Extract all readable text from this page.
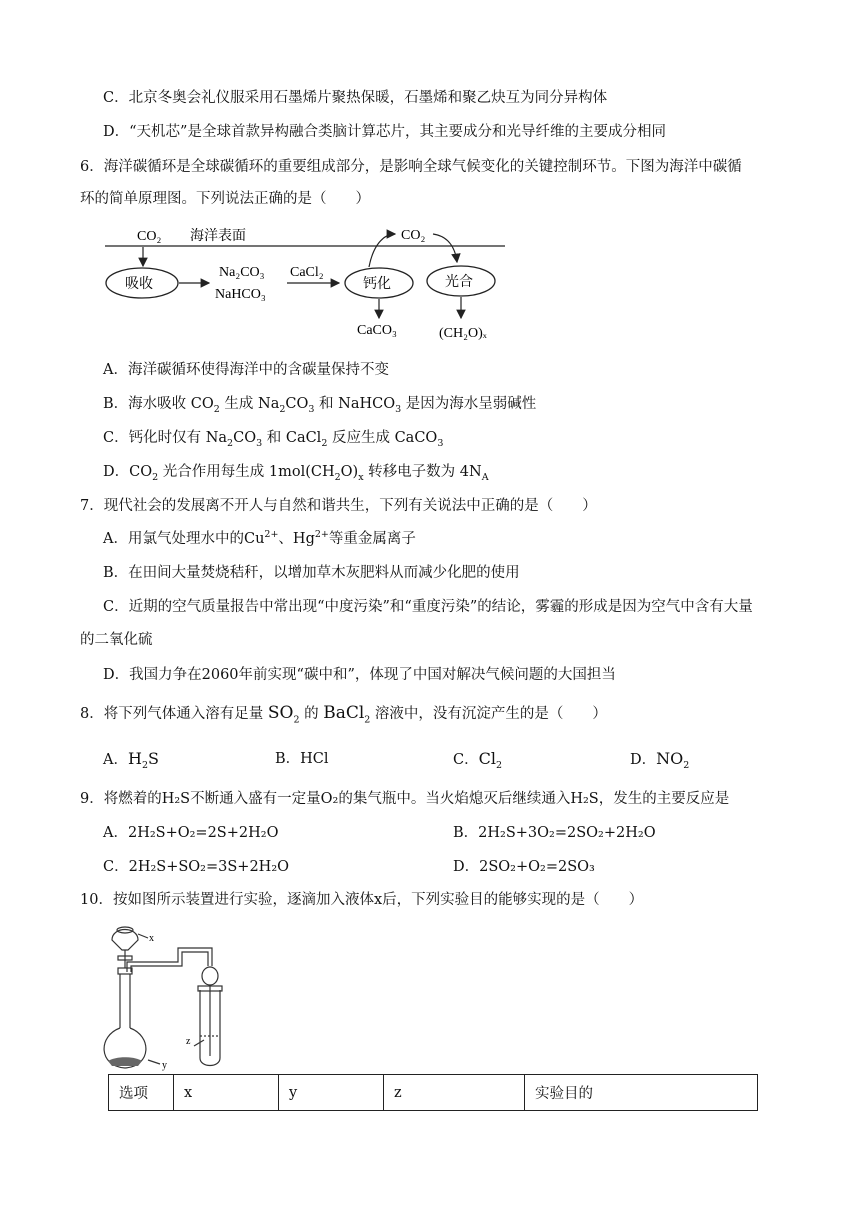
C．北京冬奥会礼仪服采用石墨烯片聚热保暖，石墨烯和聚乙炔互为同分异构体
D．“天机芯”是全球首款异构融合类脑计算芯片，其主要成分和光导纤维的主要成分相同
6．海洋碳循环是全球碳循环的重要组成部分，是影响全球气候变化的关键控制环节。下图为海洋中碳循
环的简单原理图。下列说法正确的是（　　）
CO₂ 海洋表面
吸收
Na₂CO₃
NaHCO₃
CaCl₂
钙化
CO₂
光合
CaCO₃	(CH₂O)ₓ
A．海洋碳循环使得海洋中的含碳量保持不变
B．海水吸收 $CO_2$ 生成 $Na_2CO_3$ 和 NaHCO$_3$ 是因为海水呈弱碱性
C．钙化时仅有 $Na_2CO_3$ 和 CaCl$_2$ 反应生成 CaCO$_3$
D．$CO_2$ 光合作用每生成 $1mol(CH_2O)_x$ 转移电子数为 $4N_A$
7．现代社会的发展离不开人与自然和谐共生，下列有关说法中正确的是（　　）
A．用氯气处理水中的$Cu^{2+}$、$Hg^{2+}$等重金属离子
B．在田间大量焚烧秸秆，以增加草木灰肥料从而减少化肥的使用
C．近期的空气质量报告中常出现“中度污染”和“重度污染”的结论，雾霾的形成是因为空气中含有大量
的二氧化硫
D．我国力争在2060年前实现“碳中和”，体现了中国对解决气候问题的大国担当
8．将下列气体通入溶有足量 $SO_2$ 的 BaCl$_2$ 溶液中，没有沉淀产生的是（　　）
A．$H_2S$	B．HCl	C．$Cl_2$	D．$NO_2$
9．将燃着的H₂S不断通入盛有一定量O₂的集气瓶中。当火焰熄灭后继续通入H₂S，发生的主要反应是
A．2H₂S+O₂=2S+2H₂O	B．2H₂S+3O₂=2SO₂+2H₂O
C．2H₂S+SO₂=3S+2H₂O	D．2SO₂+O₂=2SO₃
10．按如图所示装置进行实验，逐滴加入液体x后，下列实验目的能够实现的是（　　）
x
z
y
选项	x	y	z	实验目的
